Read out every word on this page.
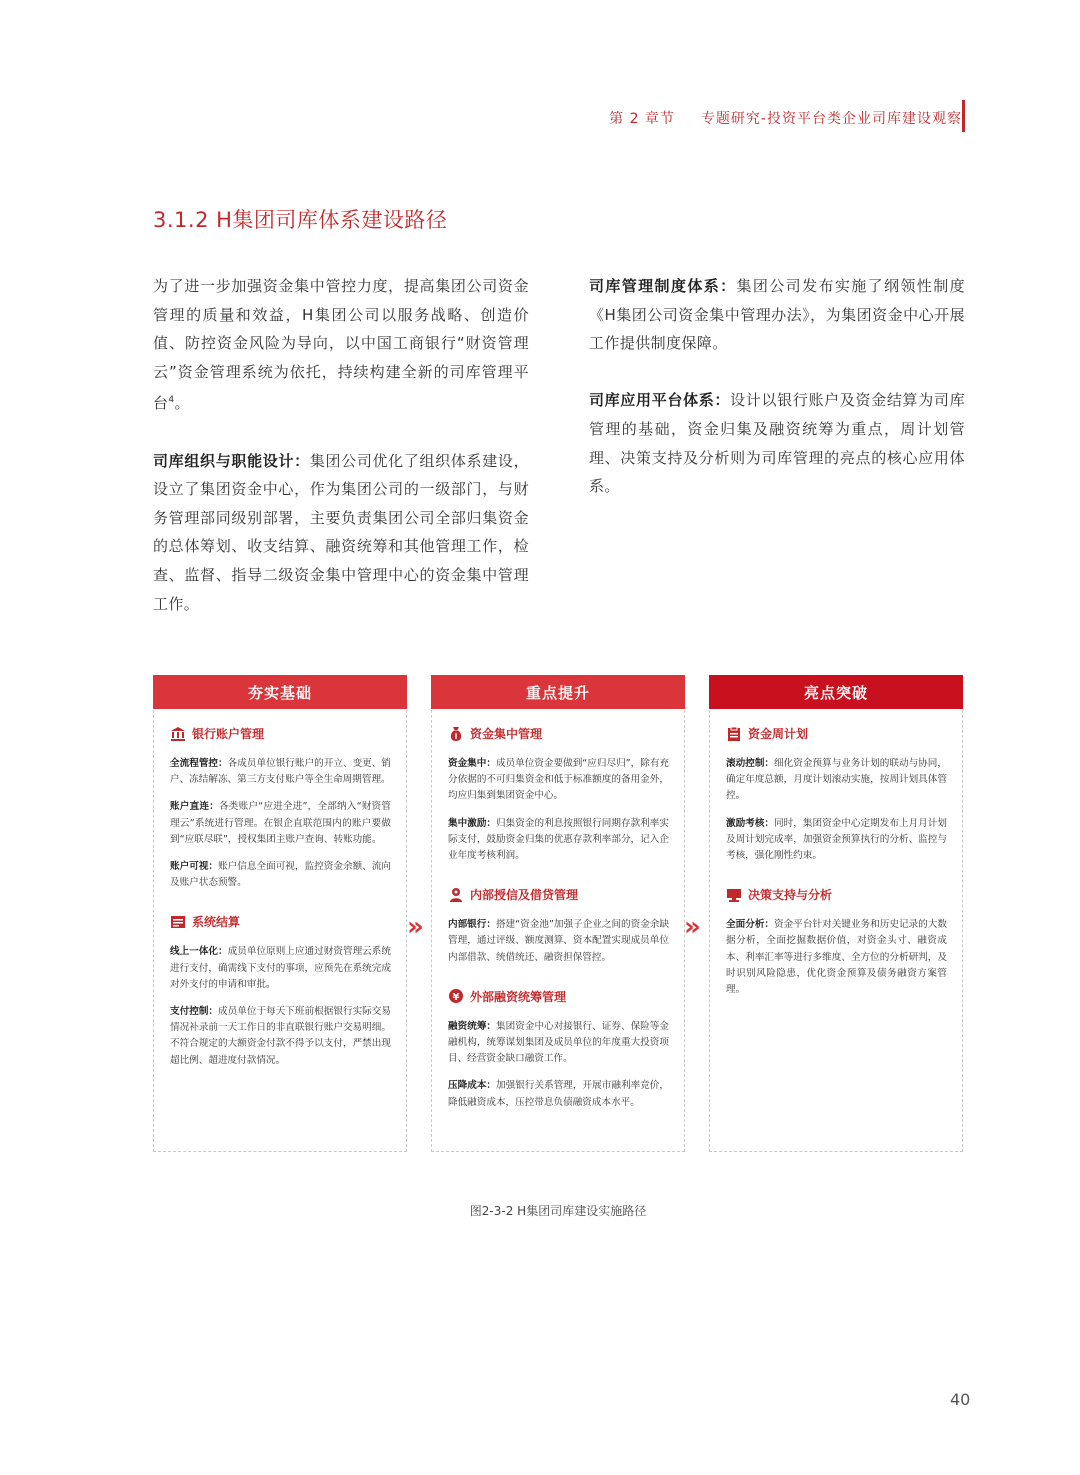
第 2 章节 专题研究-投资平台类企业司库建设观察
3.1.2 H集团司库体系建设路径

为了进一步加强资金集中管控力度，提高集团公司资金管理的质量和效益，H集团公司以服务战略、创造价值、防控资金风险为导向，以中国工商银行“财资管理云”资金管理系统为依托，持续构建全新的司库管理平台$^4$。

司库组织与职能设计：集团公司优化了组织体系建设，设立了集团资金中心，作为集团公司的一级部门，与财务管理部同级别部署，主要负责集团公司全部归集资金的总体筹划、收支结算、融资统筹和其他管理工作，检查、监督、指导二级资金集中管理中心的资金集中管理工作。

司库管理制度体系：集团公司发布实施了纲领性制度《H集团公司资金集中管理办法》，为集团资金中心开展工作提供制度保障。

司库应用平台体系：设计以银行账户及资金结算为司库管理的基础，资金归集及融资统筹为重点，周计划管理、决策支持及分析则为司库管理的亮点的核心应用体系。

夯实基础
银行账户管理
全流程管控：各成员单位银行账户的开立、变更、销户、冻结解冻、第三方支付账户等全生命周期管理。
账户直连：各类账户“应进全进”，全部纳入“财资管理云”系统进行管理。在银企直联范围内的账户要做到“应联尽联”，授权集团主账户查询、转账功能。
账户可视：账户信息全面可视，监控资金余额、流向及账户状态预警。
系统结算
线上一体化：成员单位原则上应通过财资管理云系统进行支付，确需线下支付的事项，应预先在系统完成对外支付的申请和审批。
支付控制：成员单位于每天下班前根据银行实际交易情况补录前一天工作日的非直联银行账户交易明细。不符合规定的大额资金付款不得予以支付，严禁出现超比例、超进度付款情况。
»
重点提升
资金集中管理
资金集中：成员单位资金要做到“应归尽归”，除有充分依据的不可归集资金和低于标准额度的备用金外，均应归集到集团资金中心。
集中激励：归集资金的利息按照银行同期存款利率实际支付，鼓励资金归集的优惠存款利率部分，记入企业年度考核利润。
内部授信及借贷管理
内部银行：搭建“资金池”加强子企业之间的资金余缺管理，通过评级、额度测算、资本配置实现成员单位内部借款、统借统还、融资担保管控。
¥ 外部融资统筹管理
融资统筹：集团资金中心对接银行、证券、保险等金融机构，统筹谋划集团及成员单位的年度重大投资项目、经营资金缺口融资工作。
压降成本：加强银行关系管理，开展市融利率竞价，降低融资成本，压控带息负债融资成本水平。
»
亮点突破
资金周计划
滚动控制：细化资金预算与业务计划的联动与协同，确定年度总额，月度计划滚动实施，按周计划具体管控。
激励考核：同时，集团资金中心定期发布上月月计划及周计划完成率，加强资金预算执行的分析、监控与考核，强化刚性约束。
决策支持与分析
全面分析：资金平台针对关键业务和历史记录的大数据分析，全面挖掘数据价值，对资金头寸、融资成本、利率汇率等进行多维度、全方位的分析研判，及时识别风险隐患，优化资金预算及债务融资方案管理。
图2-3-2 H集团司库建设实施路径
40
